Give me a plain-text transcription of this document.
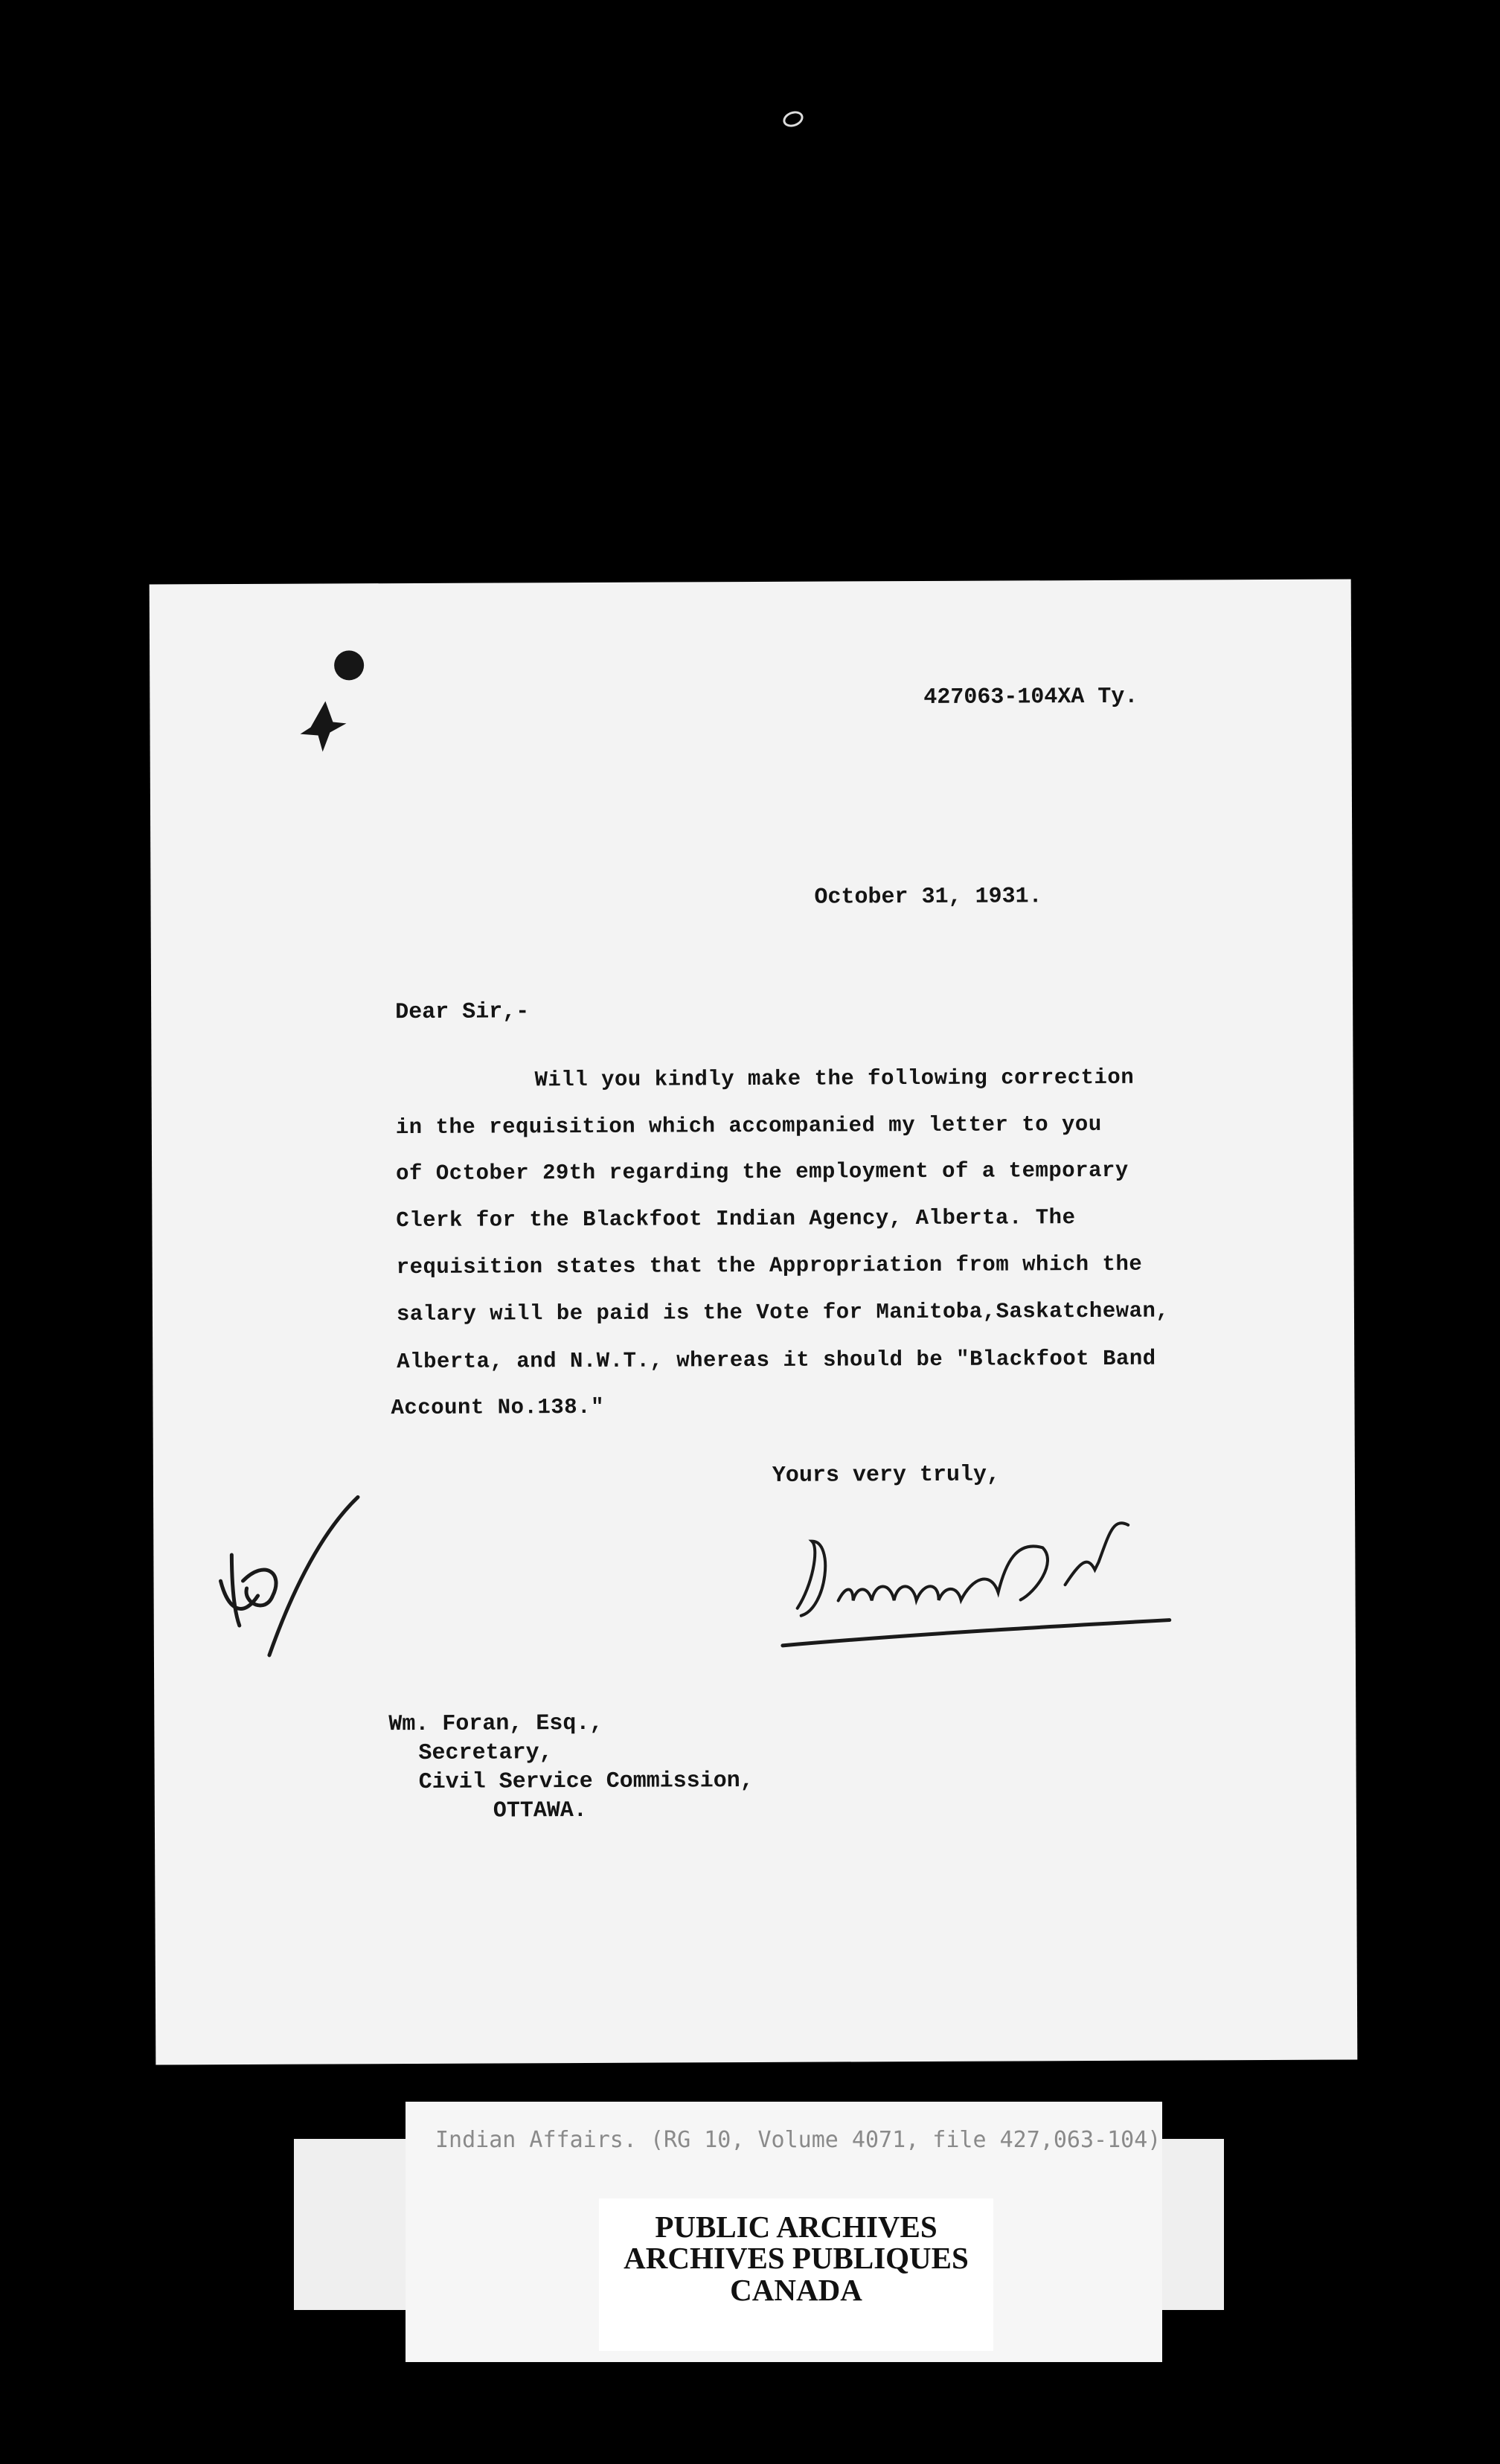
427063-104XA Ty.
October 31, 1931.
Dear Sir,-
Will you kindly make the following correction
in the requisition which accompanied my letter to you
of October 29th regarding the employment of a temporary
Clerk for the Blackfoot Indian Agency, Alberta. The
requisition states that the Appropriation from which the
salary will be paid is the Vote for Manitoba,Saskatchewan,
Alberta, and N.W.T., whereas it should be "Blackfoot Band
Account No.138."
Yours very truly,
Wm. Foran, Esq.,
Secretary,
Civil Service Commission,
OTTAWA.
Indian Affairs. (RG 10, Volume 4071, file 427,063-104)
PUBLIC ARCHIVES
ARCHIVES PUBLIQUES
CANADA
